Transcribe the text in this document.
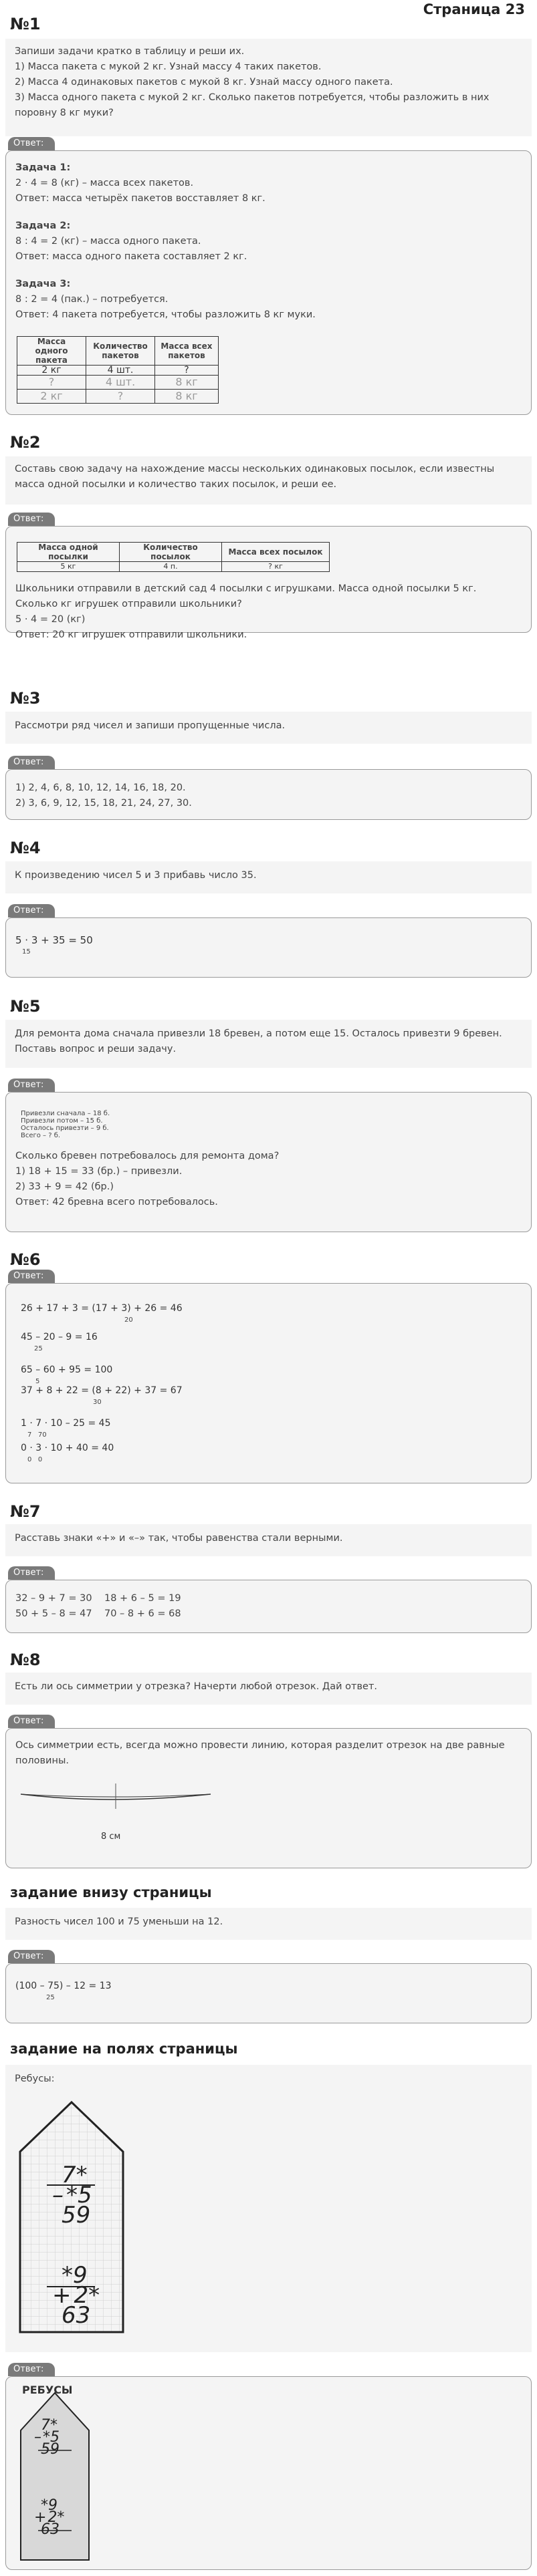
Страница 23
№1
Запиши задачи кратко в таблицу и реши их.
1) Масса пакета с мукой 2 кг. Узнай массу 4 таких пакетов.
2) Масса 4 одинаковых пакетов с мукой 8 кг. Узнай массу одного пакета.
3) Масса одного пакета с мукой 2 кг. Сколько пакетов потребуется, чтобы разложить в них поровну 8 кг муки?
Ответ:
Задача 1:
2 · 4 = 8 (кг) – масса всех пакетов.
Ответ: масса четырёх пакетов восставляет 8 кг.
Задача 2:
8 : 4 = 2 (кг) – масса одного пакета.
Ответ: масса одного пакета составляет 2 кг.
Задача 3:
8 : 2 = 4 (пак.) – потребуется.
Ответ: 4 пакета потребуется, чтобы разложить 8 кг муки.
Масса одного пакета	Количество пакетов	Масса всех пакетов
2 кг	4 шт.	?
?	4 шт.	8 кг
2 кг	?	8 кг
№2
Составь свою задачу на нахождение массы нескольких одинаковых посылок, если известны масса одной посылки и количество таких посылок, и реши ее.
Ответ:
Масса одной посылки	Количество посылок	Масса всех посылок
5 кг	4 п.	? кг
Школьники отправили в детский сад 4 посылки с игрушками. Масса одной посылки 5 кг. Сколько кг игрушек отправили школьники?
5 · 4 = 20 (кг)
Ответ: 20 кг игрушек отправили школьники.
№3
Рассмотри ряд чисел и запиши пропущенные числа.
Ответ:
1) 2, 4, 6, 8, 10, 12, 14, 16, 18, 20.
2) 3, 6, 9, 12, 15, 18, 21, 24, 27, 30.
№4
К произведению чисел 5 и 3 прибавь число 35.
Ответ:
5 · 3 + 35 = 50
15
№5
Для ремонта дома сначала привезли 18 бревен, а потом еще 15. Осталось привезти 9 бревен. Поставь вопрос и реши задачу.
Ответ:
Привезли сначала – 18 б.
Привезли потом – 15 б.
Осталось привезти – 9 б.
Всего – ? б.
Сколько бревен потребовалось для ремонта дома?
1) 18 + 15 = 33 (бр.) – привезли.
2) 33 + 9 = 42 (бр.)
Ответ: 42 бревна всего потребовалось.
№6
Ответ:
26 + 17 + 3 = (17 + 3) + 26 = 46
20
45 – 20 – 9 = 16
25
65 – 60 + 95 = 100
5
37 + 8 + 22 = (8 + 22) + 37 = 67
30
1 · 7 · 10 – 25 = 45
7   70
0 · 3 · 10 + 40 = 40
0   0
№7
Расставь знаки «+» и «–» так, чтобы равенства стали верными.
Ответ:
32 – 9 + 7 = 30    18 + 6 – 5 = 19
50 + 5 – 8 = 47    70 – 8 + 6 = 68
№8
Есть ли ось симметрии у отрезка? Начерти любой отрезок. Дай ответ.
Ответ:
Ось симметрии есть, всегда можно провести линию, которая разделит отрезок на две равные половины.
8 см
задание внизу страницы
Разность чисел 100 и 75 уменьши на 12.
Ответ:
(100 – 75) – 12 = 13
25
задание на полях страницы
Ребусы:
7*
– *5
59
*9
+ 2*
63
Ответ:
РЕБУСЫ
7*
–*5
59
*9
+2*
63
